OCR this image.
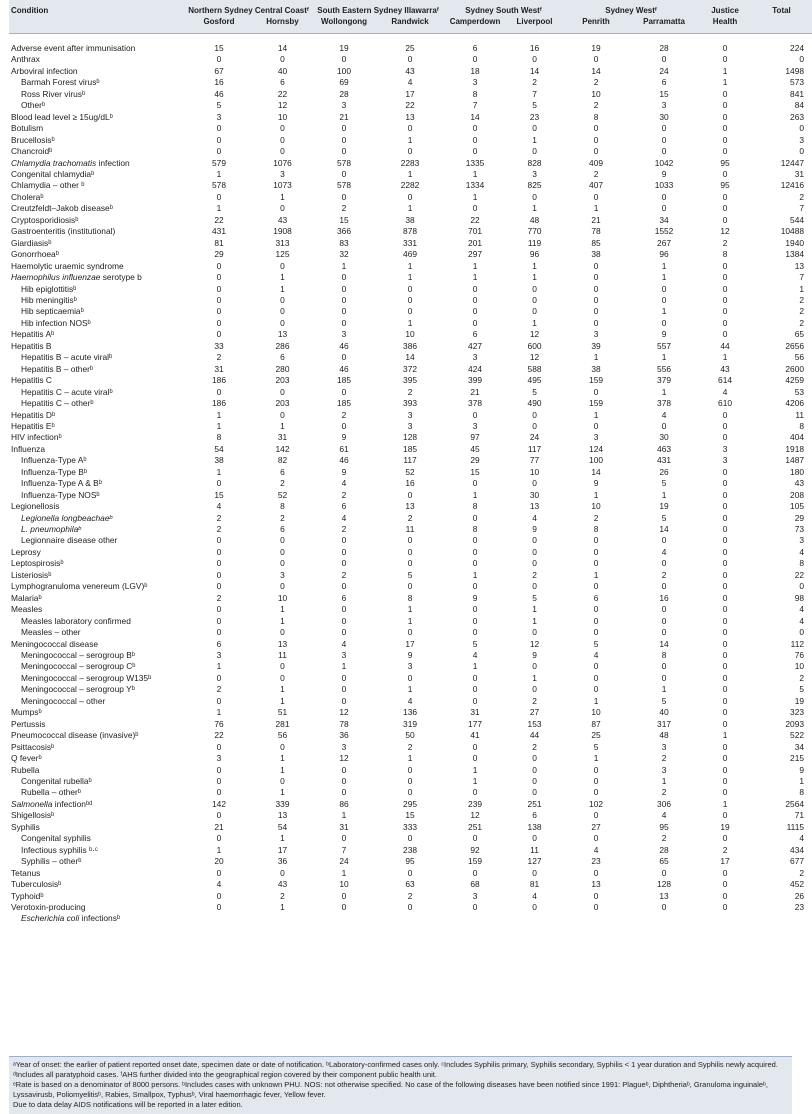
Condition	Northern Sydney Central Coastᶠ		South Eastern Sydney Illawarraᶠ		Sydney South Westᶠ		Sydney Westᶠ		Justice	Total
	Gosford	Hornsby	Wollongong	Randwick	Camperdown	Liverpool	Penrith	Parramatta	Health	

Adverse event after immunisation	15	14	19	25	6	16	19	28	0	224
Anthrax	0	0	0	0	0	0	0	0	0	0
Arboviral infection	67	40	100	43	18	14	14	24	1	1498
Barmah Forest virusᵇ	16	6	69	4	3	2	2	6	1	573
Ross River virusᵇ	46	22	28	17	8	7	10	15	0	841
Otherᵇ	5	12	3	22	7	5	2	3	0	84
Blood lead level ≥ 15ug/dLᵇ	3	10	21	13	14	23	8	30	0	263
Botulism	0	0	0	0	0	0	0	0	0	0
Brucellosisᵇ	0	0	0	1	0	1	0	0	0	3
Chancroidᵇ	0	0	0	0	0	0	0	0	0	0
Chlamydia trachomatis infection	579	1076	578	2283	1335	828	409	1042	95	12447
Congenital chlamydiaᵇ	1	3	0	1	1	3	2	9	0	31
Chlamydia – other ᵇ	578	1073	578	2282	1334	825	407	1033	95	12416
Choleraᵇ	0	1	0	0	1	0	0	0	0	2
Creutzfeldt–Jakob diseaseᵇ	1	0	2	1	0	1	1	0	0	7
Cryptosporidiosisᵇ	22	43	15	38	22	48	21	34	0	544
Gastroenteritis (institutional)	431	1908	366	878	701	770	78	1552	12	10488
Giardiasisᵇ	81	313	83	331	201	119	85	267	2	1940
Gonorrhoeaᵇ	29	125	32	469	297	96	38	96	8	1384
Haemolytic uraemic syndrome	0	0	1	1	1	1	0	1	0	13
Haemophilus influenzae serotype b	0	1	0	1	1	1	0	1	0	7
Hib epiglottitisᵇ	0	1	0	0	0	0	0	0	0	1
Hib meningitisᵇ	0	0	0	0	0	0	0	0	0	2
Hib septicaemiaᵇ	0	0	0	0	0	0	0	1	0	2
Hib infection NOSᵇ	0	0	0	1	0	1	0	0	0	2
Hepatitis Aᵇ	0	13	3	10	6	12	3	9	0	65
Hepatitis B	33	286	46	386	427	600	39	557	44	2656
Hepatitis B – acute viralᵇ	2	6	0	14	3	12	1	1	1	56
Hepatitis B – otherᵇ	31	280	46	372	424	588	38	556	43	2600
Hepatitis C	186	203	185	395	399	495	159	379	614	4259
Hepatitis C – acute viralᵇ	0	0	0	2	21	5	0	1	4	53
Hepatitis C – otherᵇ	186	203	185	393	378	490	159	378	610	4206
Hepatitis Dᵇ	1	0	2	3	0	0	1	4	0	11
Hepatitis Eᵇ	1	1	0	3	3	0	0	0	0	8
HIV infectionᵇ	8	31	9	128	97	24	3	30	0	404
Influenza	54	142	61	185	45	117	124	463	3	1918
Influenza-Type Aᵇ	38	82	46	117	29	77	100	431	3	1487
Influenza-Type Bᵇ	1	6	9	52	15	10	14	26	0	180
Influenza-Type A & Bᵇ	0	2	4	16	0	0	9	5	0	43
Influenza-Type NOSᵇ	15	52	2	0	1	30	1	1	0	208
Legionellosis	4	8	6	13	8	13	10	19	0	105
Legionella longbeachaeᵇ	2	2	4	2	0	4	2	5	0	29
L. pneumophilaᵇ	2	6	2	11	8	9	8	14	0	73
Legionnaire disease other	0	0	0	0	0	0	0	0	0	3
Leprosy	0	0	0	0	0	0	0	4	0	4
Leptospirosisᵇ	0	0	0	0	0	0	0	0	0	8
Listeriosisᵇ	0	3	2	5	1	2	1	2	0	22
Lymphogranuloma venereum (LGV)ᵇ	0	0	0	0	0	0	0	0	0	0
Malariaᵇ	2	10	6	8	9	5	6	16	0	98
Measles	0	1	0	1	0	1	0	0	0	4
Measles laboratory confirmed	0	1	0	1	0	1	0	0	0	4
Measles – other	0	0	0	0	0	0	0	0	0	0
Meningococcal disease	6	13	4	17	5	12	5	14	0	112
Meningococcal – serogroup Bᵇ	3	11	3	9	4	9	4	8	0	76
Meningococcal – serogroup Cᵇ	1	0	1	3	1	0	0	0	0	10
Meningococcal – serogroup W135ᵇ	0	0	0	0	0	1	0	0	0	2
Meningococcal – serogroup Yᵇ	2	1	0	1	0	0	0	1	0	5
Meningococcal – other	0	1	0	4	0	2	1	5	0	19
Mumpsᵇ	1	51	12	136	31	27	10	40	0	323
Pertussis	76	281	78	319	177	153	87	317	0	2093
Pneumococcal disease (invasive)ᵇ	22	56	36	50	41	44	25	48	1	522
Psittacosisᵇ	0	0	3	2	0	2	5	3	0	34
Q feverᵇ	3	1	12	1	0	0	1	2	0	215
Rubella	0	1	0	0	1	0	0	3	0	9
Congenital rubellaᵇ	0	0	0	0	1	0	0	1	0	1
Rubella – otherᵇ	0	1	0	0	0	0	0	2	0	8
Salmonella infectionᵇᵈ	142	339	86	295	239	251	102	306	1	2564
Shigellosisᵇ	0	13	1	15	12	6	0	4	0	71
Syphilis	21	54	31	333	251	138	27	95	19	1115
Congenital syphilis	0	1	0	0	0	0	0	2	0	4
Infectious syphilis ᵇ·ᶜ	1	17	7	238	92	11	4	28	2	434
Syphilis – otherᵇ	20	36	24	95	159	127	23	65	17	677
Tetanus	0	0	1	0	0	0	0	0	0	2
Tuberculosisᵇ	4	43	10	63	68	81	13	128	0	452
Typhoidᵇ	0	2	0	2	3	4	0	13	0	26
Verotoxin-producing	0	1	0	0	0	0	0	0	0	23
Escherichia coli infectionsᵇ										

ᵃYear of onset: the earlier of patient reported onset date, specimen date or date of notification. ᵇLaboratory-confirmed cases only. ᶜIncludes Syphilis primary, Syphilis secondary, Syphilis < 1 year duration and Syphilis newly acquired. ᵈIncludes all paratyphoid cases. ᶠAHS further divided into the geographical region covered by their component public health unit.

ᵉRate is based on a denominator of 8000 persons. ᵇIncludes cases with unknown PHU. NOS: not otherwise specified. No case of the following diseases have been notified since 1991: Plagueᵇ, Diphtheriaᵇ, Granuloma inguinaleᵇ, Lyssavirusb, Poliomyelitisᵇ, Rabies, Smallpox, Typhusᵇ, Viral haemorrhagic fever, Yellow fever.

Due to data delay AIDS notifications will be reported in a later edition.
